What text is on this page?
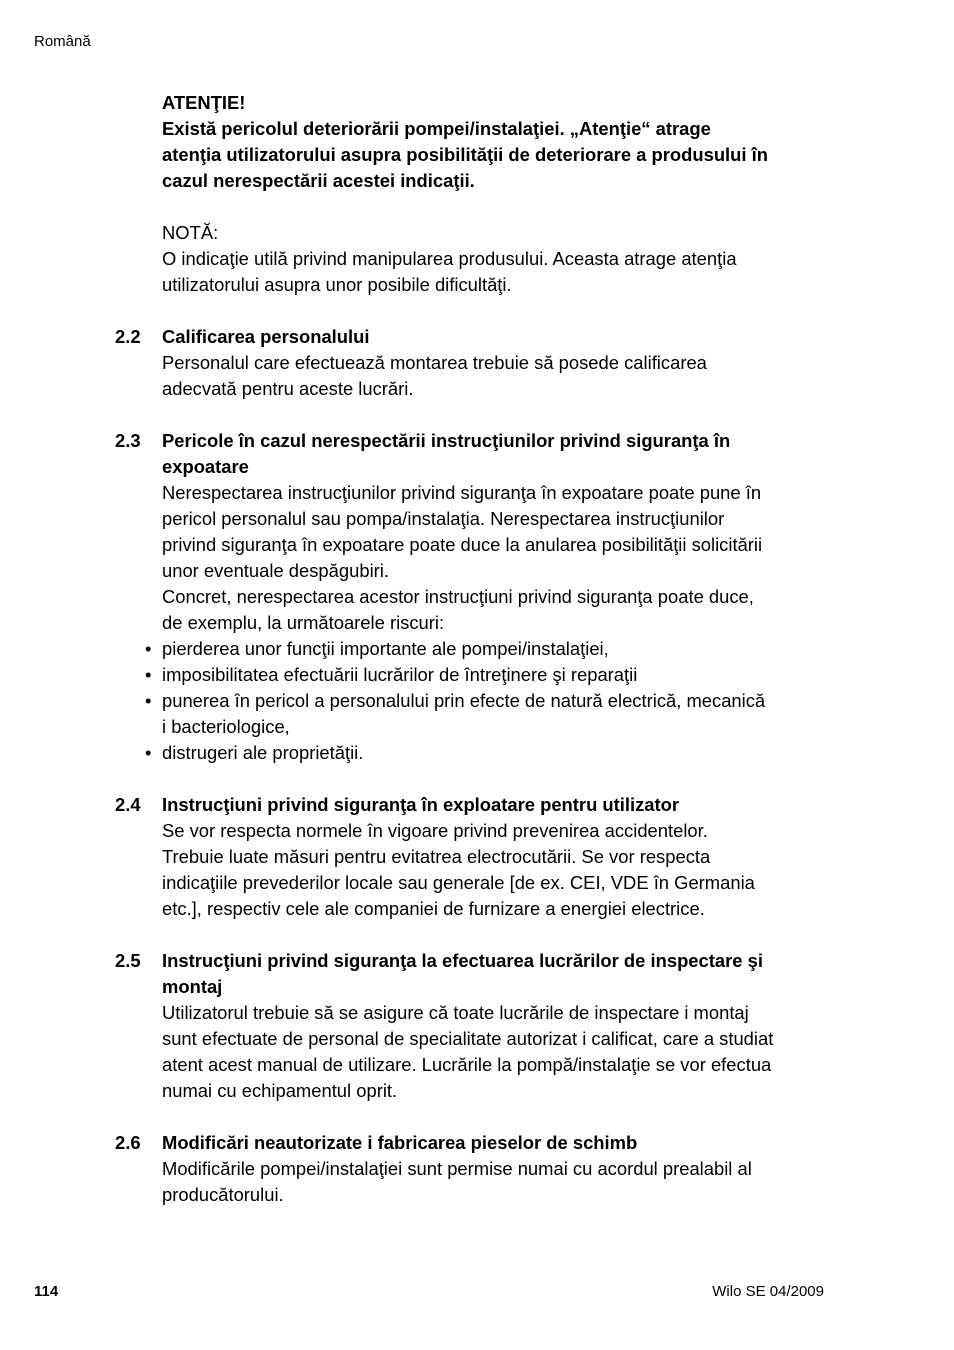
Română
ATENŢIE!
Există pericolul deteriorării pompei/instalaţiei. „Atenţie“ atrage
atenţia utilizatorului asupra posibilităţii de deteriorare a produsului în
cazul nerespectării acestei indicaţii.
NOTĂ:
O indicaţie utilă privind manipularea produsului. Aceasta atrage atenţia
utilizatorului asupra unor posibile dificultăţi.
2.2 Calificarea personalului
Personalul care efectuează montarea trebuie să posede calificarea
adecvată pentru aceste lucrări.
2.3 Pericole în cazul nerespectării instrucţiunilor privind siguranţa în
expoatare
Nerespectarea instrucţiunilor privind siguranţa în expoatare poate pune în
pericol personalul sau pompa/instalaţia. Nerespectarea instrucţiunilor
privind siguranţa în expoatare poate duce la anularea posibilităţii solicitării
unor eventuale despăgubiri.
Concret, nerespectarea acestor instrucţiuni privind siguranţa poate duce,
de exemplu, la următoarele riscuri:
• pierderea unor funcţii importante ale pompei/instalaţiei,
• imposibilitatea efectuării lucrărilor de întreţinere şi reparaţii
• punerea în pericol a personalului prin efecte de natură electrică, mecanică
i bacteriologice,
• distrugeri ale proprietăţii.
2.4 Instrucţiuni privind siguranţa în exploatare pentru utilizator
Se vor respecta normele în vigoare privind prevenirea accidentelor.
Trebuie luate măsuri pentru evitatrea electrocutării. Se vor respecta
indicaţiile prevederilor locale sau generale [de ex. CEI, VDE în Germania
etc.], respectiv cele ale companiei de furnizare a energiei electrice.
2.5 Instrucţiuni privind siguranţa la efectuarea lucrărilor de inspectare şi
montaj
Utilizatorul trebuie să se asigure că toate lucrările de inspectare i montaj
sunt efectuate de personal de specialitate autorizat i calificat, care a studiat
atent acest manual de utilizare. Lucrările la pompă/instalaţie se vor efectua
numai cu echipamentul oprit.
2.6 Modificări neautorizate i fabricarea pieselor de schimb
Modificările pompei/instalaţiei sunt permise numai cu acordul prealabil al
producătorului.
114	Wilo SE 04/2009
